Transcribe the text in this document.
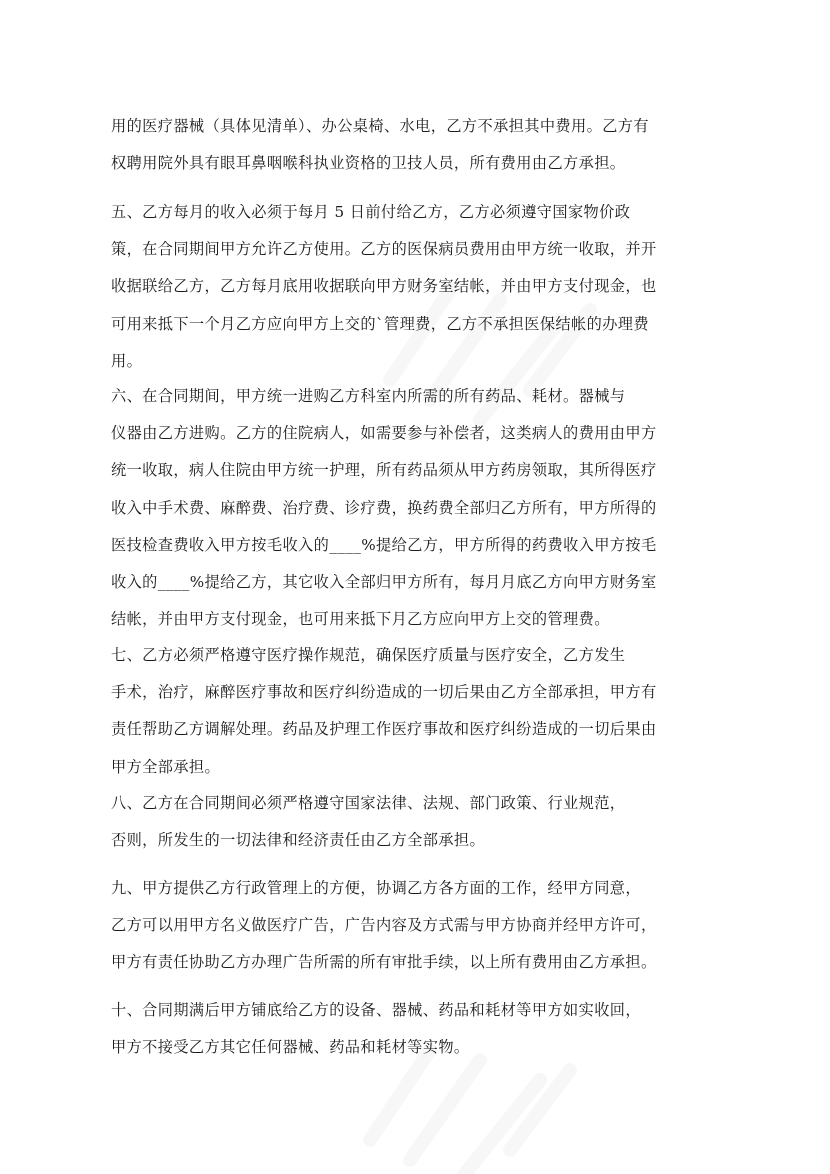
用的医疗器械（具体见清单）、办公桌椅、水电，乙方不承担其中费用。乙方有
权聘用院外具有眼耳鼻咽喉科执业资格的卫技人员，所有费用由乙方承担。
五、乙方每月的收入必须于每月 5 日前付给乙方，乙方必须遵守国家物价政
策，在合同期间甲方允许乙方使用。乙方的医保病员费用由甲方统一收取，并开
收据联给乙方，乙方每月底用收据联向甲方财务室结帐，并由甲方支付现金，也
可用来抵下一个月乙方应向甲方上交的`管理费，乙方不承担医保结帐的办理费
用。
六、在合同期间，甲方统一进购乙方科室内所需的所有药品、耗材。器械与
仪器由乙方进购。乙方的住院病人，如需要参与补偿者，这类病人的费用由甲方
统一收取，病人住院由甲方统一护理，所有药品须从甲方药房领取，其所得医疗
收入中手术费、麻醉费、治疗费、诊疗费，换药费全部归乙方所有，甲方所得的
医技检查费收入甲方按毛收入的____%提给乙方，甲方所得的药费收入甲方按毛
收入的____%提给乙方，其它收入全部归甲方所有，每月月底乙方向甲方财务室
结帐，并由甲方支付现金，也可用来抵下月乙方应向甲方上交的管理费。
七、乙方必须严格遵守医疗操作规范，确保医疗质量与医疗安全，乙方发生
手术，治疗，麻醉医疗事故和医疗纠纷造成的一切后果由乙方全部承担，甲方有
责任帮助乙方调解处理。药品及护理工作医疗事故和医疗纠纷造成的一切后果由
甲方全部承担。
八、乙方在合同期间必须严格遵守国家法律、法规、部门政策、行业规范，
否则，所发生的一切法律和经济责任由乙方全部承担。
九、甲方提供乙方行政管理上的方便，协调乙方各方面的工作，经甲方同意，
乙方可以用甲方名义做医疗广告，广告内容及方式需与甲方协商并经甲方许可，
甲方有责任协助乙方办理广告所需的所有审批手续，以上所有费用由乙方承担。
十、合同期满后甲方铺底给乙方的设备、器械、药品和耗材等甲方如实收回，
甲方不接受乙方其它任何器械、药品和耗材等实物。
